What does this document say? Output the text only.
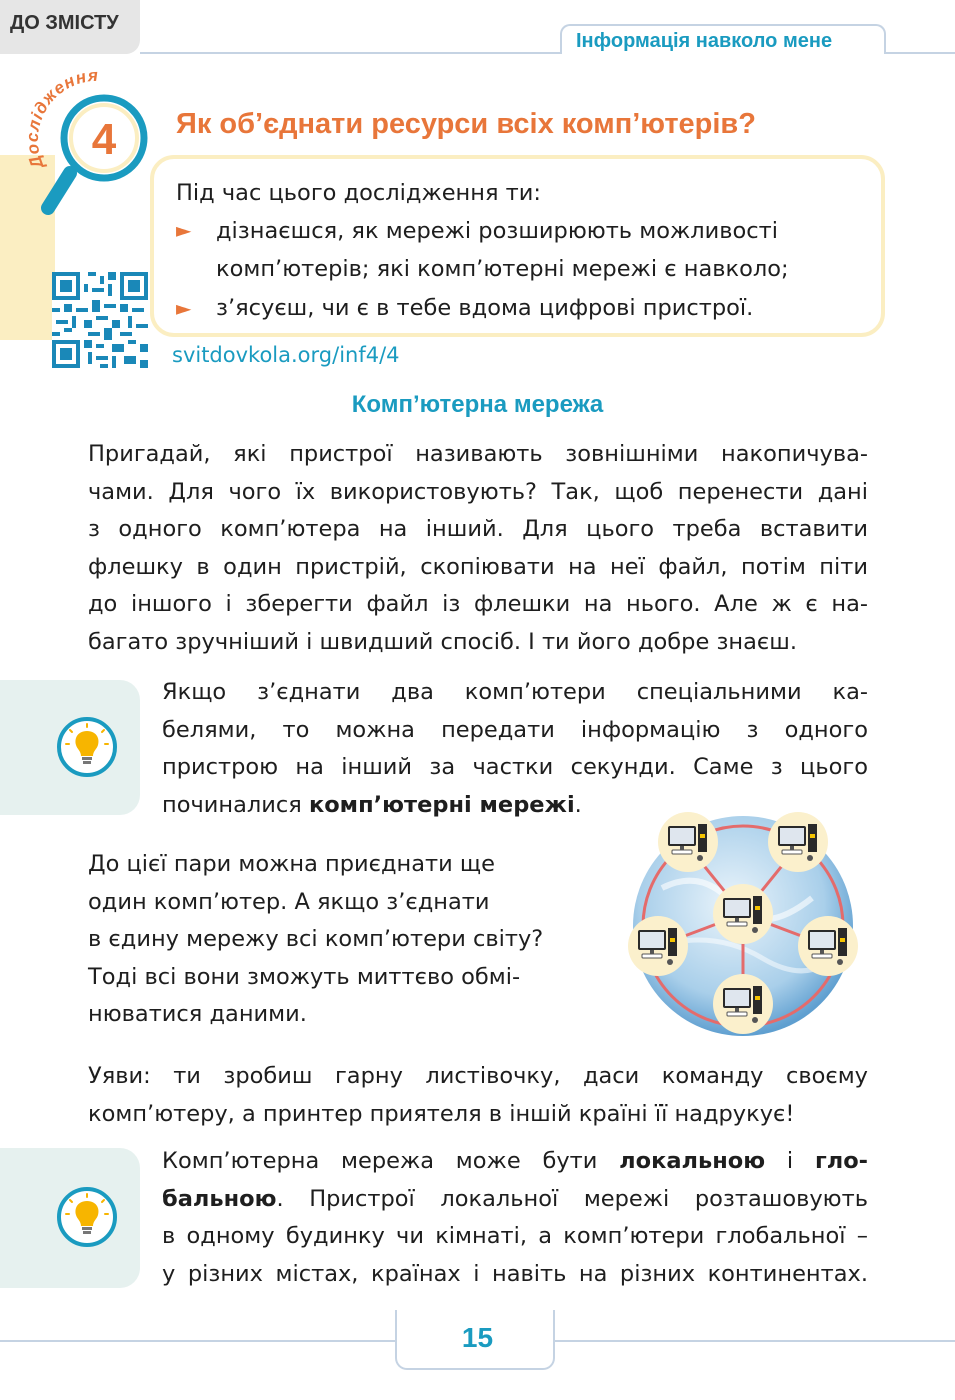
ДО ЗМІСТУ
Інформація навколо мене
Дослідження
4 Як об’єднати ресурси всіх комп’ютерів?
Під час цього дослідження ти:
► дізнаєшся, як мережі розширюють можливості
комп’ютерів; які комп’ютерні мережі є навколо;
► з’ясуєш, чи є в тебе вдома цифрові пристрої.
svitdovkola.org/inf4/4
Комп’ютерна мережа

Пригадай, які пристрої називають зовнішніми накопичува-

чами. Для чого їх використовують? Так, щоб перенести дані

з одного комп’ютера на інший. Для цього треба вставити

флешку в один пристрій, скопіювати на неї файл, потім піти

до іншого і зберегти файл із флешки на нього. Але ж є на-

багато зручніший і швидший спосіб. І ти його добре знаєш.

Якщо з’єднати два комп’ютери спеціальними ка-

белями, то можна передати інформацію з одного

пристрою на інший за частки секунди. Саме з цього

починалися комп’ютерні мережі.

До цієї пари можна приєднати ще

один комп’ютер. А якщо з’єднати

в єдину мережу всі комп’ютери світу?

Тоді всі вони зможуть миттєво обмі-

нюватися даними.

Уяви: ти зробиш гарну листівочку, даси команду своєму

комп’ютеру, а принтер приятеля в іншій країні її надрукує!

Комп’ютерна мережа може бути локальною і гло-

бальною. Пристрої локальної мережі розташовують

в одному будинку чи кімнаті, а комп’ютери глобальної –

у різних містах, країнах і навіть на різних континентах.

15
